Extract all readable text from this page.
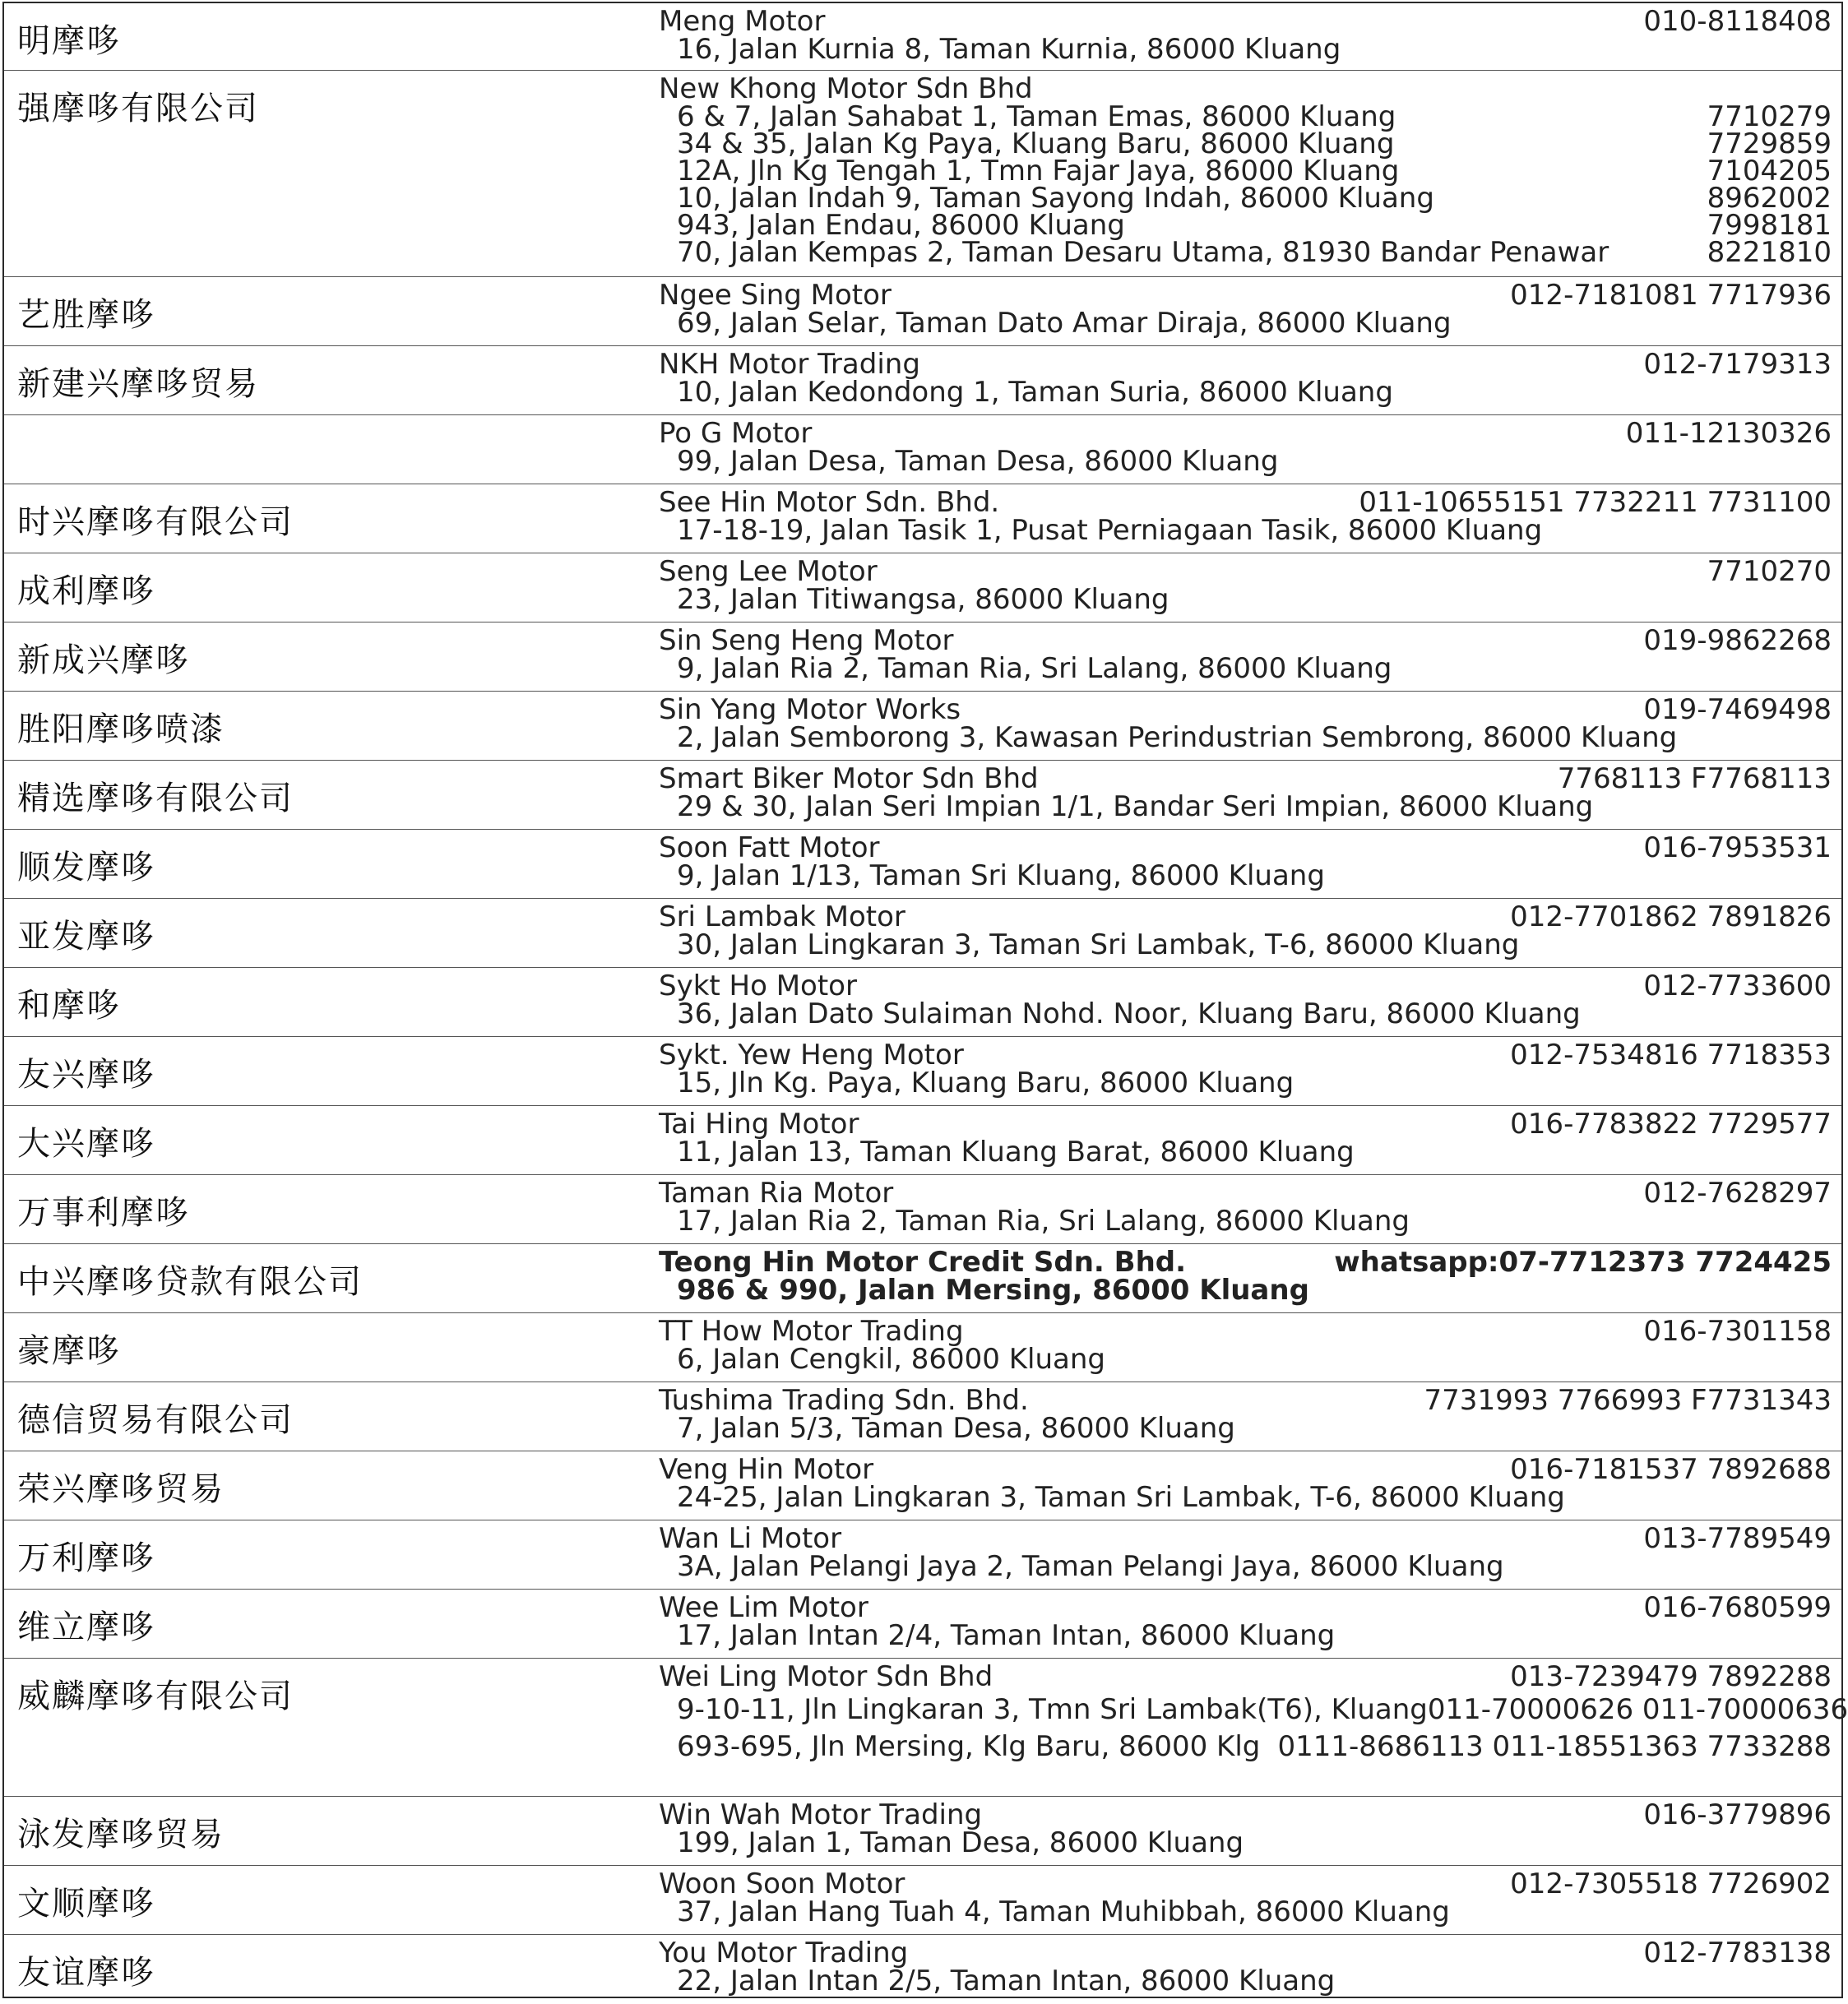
明摩哆
Meng Motor	010-8118408
16, Jalan Kurnia 8, Taman Kurnia, 86000 Kluang
强摩哆有限公司
New Khong Motor Sdn Bhd
6 & 7, Jalan Sahabat 1, Taman Emas, 86000 Kluang	7710279
34 & 35, Jalan Kg Paya, Kluang Baru, 86000 Kluang	7729859
12A, Jln Kg Tengah 1, Tmn Fajar Jaya, 86000 Kluang	7104205
10, Jalan Indah 9, Taman Sayong Indah, 86000 Kluang	8962002
943, Jalan Endau, 86000 Kluang	7998181
70, Jalan Kempas 2, Taman Desaru Utama, 81930 Bandar Penawar	8221810
艺胜摩哆
Ngee Sing Motor	012-7181081 7717936
69, Jalan Selar, Taman Dato Amar Diraja, 86000 Kluang
新建兴摩哆贸易
NKH Motor Trading	012-7179313
10, Jalan Kedondong 1, Taman Suria, 86000 Kluang
Po G Motor	011-12130326
99, Jalan Desa, Taman Desa, 86000 Kluang
时兴摩哆有限公司
See Hin Motor Sdn. Bhd.	011-10655151 7732211 7731100
17-18-19, Jalan Tasik 1, Pusat Perniagaan Tasik, 86000 Kluang
成利摩哆
Seng Lee Motor	7710270
23, Jalan Titiwangsa, 86000 Kluang
新成兴摩哆
Sin Seng Heng Motor	019-9862268
9, Jalan Ria 2, Taman Ria, Sri Lalang, 86000 Kluang
胜阳摩哆喷漆
Sin Yang Motor Works	019-7469498
2, Jalan Semborong 3, Kawasan Perindustrian Sembrong, 86000 Kluang
精选摩哆有限公司
Smart Biker Motor Sdn Bhd	7768113 F7768113
29 & 30, Jalan Seri Impian 1/1, Bandar Seri Impian, 86000 Kluang
顺发摩哆
Soon Fatt Motor	016-7953531
9, Jalan 1/13, Taman Sri Kluang, 86000 Kluang
亚发摩哆
Sri Lambak Motor	012-7701862 7891826
30, Jalan Lingkaran 3, Taman Sri Lambak, T-6, 86000 Kluang
和摩哆
Sykt Ho Motor	012-7733600
36, Jalan Dato Sulaiman Nohd. Noor, Kluang Baru, 86000 Kluang
友兴摩哆
Sykt. Yew Heng Motor	012-7534816 7718353
15, Jln Kg. Paya, Kluang Baru, 86000 Kluang
大兴摩哆
Tai Hing Motor	016-7783822 7729577
11, Jalan 13, Taman Kluang Barat, 86000 Kluang
万事利摩哆
Taman Ria Motor	012-7628297
17, Jalan Ria 2, Taman Ria, Sri Lalang, 86000 Kluang
中兴摩哆贷款有限公司
Teong Hin Motor Credit Sdn. Bhd.	whatsapp:07-7712373 7724425
986 & 990, Jalan Mersing, 86000 Kluang
豪摩哆
TT How Motor Trading	016-7301158
6, Jalan Cengkil, 86000 Kluang
德信贸易有限公司
Tushima Trading Sdn. Bhd.	7731993 7766993 F7731343
7, Jalan 5/3, Taman Desa, 86000 Kluang
荣兴摩哆贸易
Veng Hin Motor	016-7181537 7892688
24-25, Jalan Lingkaran 3, Taman Sri Lambak, T-6, 86000 Kluang
万利摩哆
Wan Li Motor	013-7789549
3A, Jalan Pelangi Jaya 2, Taman Pelangi Jaya, 86000 Kluang
维立摩哆
Wee Lim Motor	016-7680599
17, Jalan Intan 2/4, Taman Intan, 86000 Kluang
威麟摩哆有限公司
Wei Ling Motor Sdn Bhd	013-7239479 7892288
9-10-11, Jln Lingkaran 3, Tmn Sri Lambak(T6), Kluang 011-70000626 011-70000636
693-695, Jln Mersing, Klg Baru, 86000 Klg 0111-8686113 011-18551363 7733288
泳发摩哆贸易
Win Wah Motor Trading	016-3779896
199, Jalan 1, Taman Desa, 86000 Kluang
文顺摩哆
Woon Soon Motor	012-7305518 7726902
37, Jalan Hang Tuah 4, Taman Muhibbah, 86000 Kluang
友谊摩哆
You Motor Trading	012-7783138
22, Jalan Intan 2/5, Taman Intan, 86000 Kluang
